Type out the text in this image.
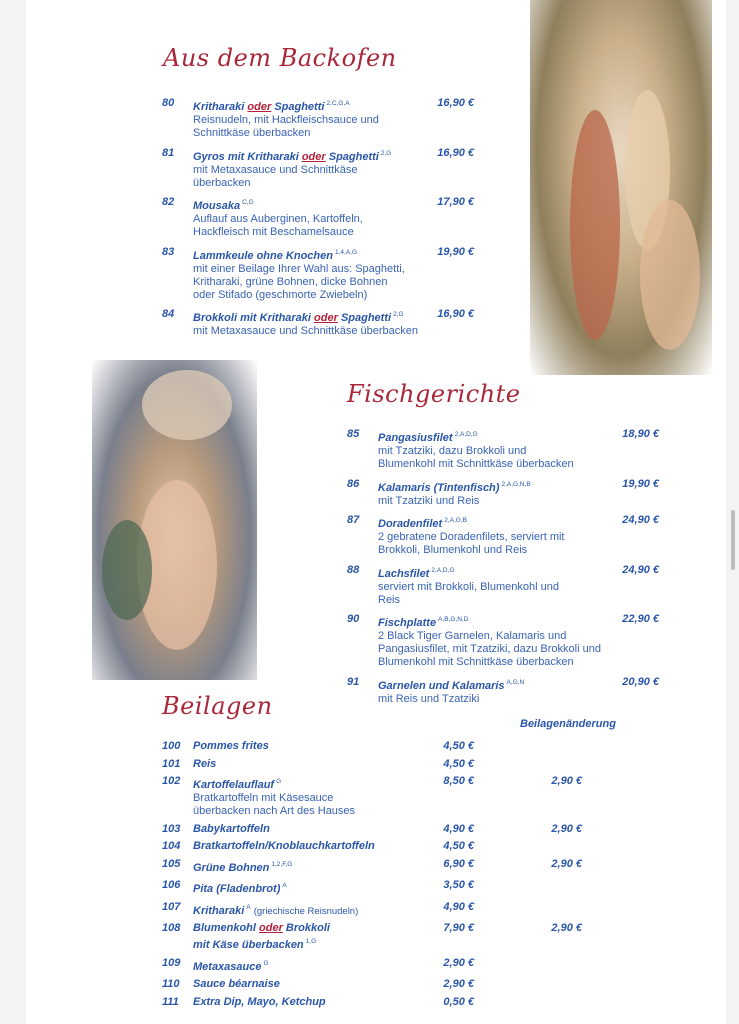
Aus dem Backofen
80 Kritharaki oder Spaghetti $^{2,C,G,A}$
Reisnudeln, mit Hackfleischsauce und
Schnittkäse überbacken
16,90 €
81 Gyros mit Kritharaki oder Spaghetti $^{2,G}$
mit Metaxasauce und Schnittkäse
überbacken
16,90 €
82 Mousaka $^{C,G}$
Auflauf aus Auberginen, Kartoffeln,
Hackfleisch mit Beschamelsauce
17,90 €
83 Lammkeule ohne Knochen $^{1,4,A,G}$
mit einer Beilage Ihrer Wahl aus: Spaghetti,
Kritharaki, grüne Bohnen, dicke Bohnen
oder Stifado (geschmorte Zwiebeln)
19,90 €
84 Brokkoli mit Kritharaki oder Spaghetti $^{2,G}$
mit Metaxasauce und Schnittkäse überbacken
16,90 €
Fischgerichte
85 Pangasiusfilet $^{2,A,D,G}$
mit Tzatziki, dazu Brokkoli und
Blumenkohl mit Schnittkäse überbacken
18,90 €
86 Kalamaris (Tintenfisch) $^{2,A,G,N,B}$
mit Tzatziki und Reis
19,90 €
87 Doradenfilet $^{2,A,G,B}$
2 gebratene Doradenfilets, serviert mit
Brokkoli, Blumenkohl und Reis
24,90 €
88 Lachsfilet $^{2,A,D,G}$
serviert mit Brokkoli, Blumenkohl und
Reis
24,90 €
90 Fischplatte $^{A,B,G,N,D}$
2 Black Tiger Garnelen, Kalamaris und
Pangasiusfilet, mit Tzatziki, dazu Brokkoli und
Blumenkohl mit Schnittkäse überbacken
22,90 €
91 Garnelen und Kalamaris $^{A,G,N}$
mit Reis und Tzatziki
20,90 €
Beilagen
Beilagenänderung
100 Pommes frites	4,50 €
101 Reis	4,50 €
102 Kartoffelauflauf $^G$
Bratkartoffeln mit Käsesauce
überbacken nach Art des Hauses
8,50 €	2,90 €
103 Babykartoffeln	4,90 €	2,90 €
104 Bratkartoffeln/Knoblauchkartoffeln	4,50 €
105 Grüne Bohnen $^{1,2,F,G}$	6,90 €	2,90 €
106 Pita (Fladenbrot) $^A$	3,50 €
107 Kritharaki $^A$ (griechische Reisnudeln)	4,90 €
108 Blumenkohl oder Brokkoli
mit Käse überbacken $^{1,G}$
7,90 €	2,90 €
109 Metaxasauce $^G$	2,90 €
110 Sauce béarnaise	2,90 €
111 Extra Dip, Mayo, Ketchup	0,50 €
